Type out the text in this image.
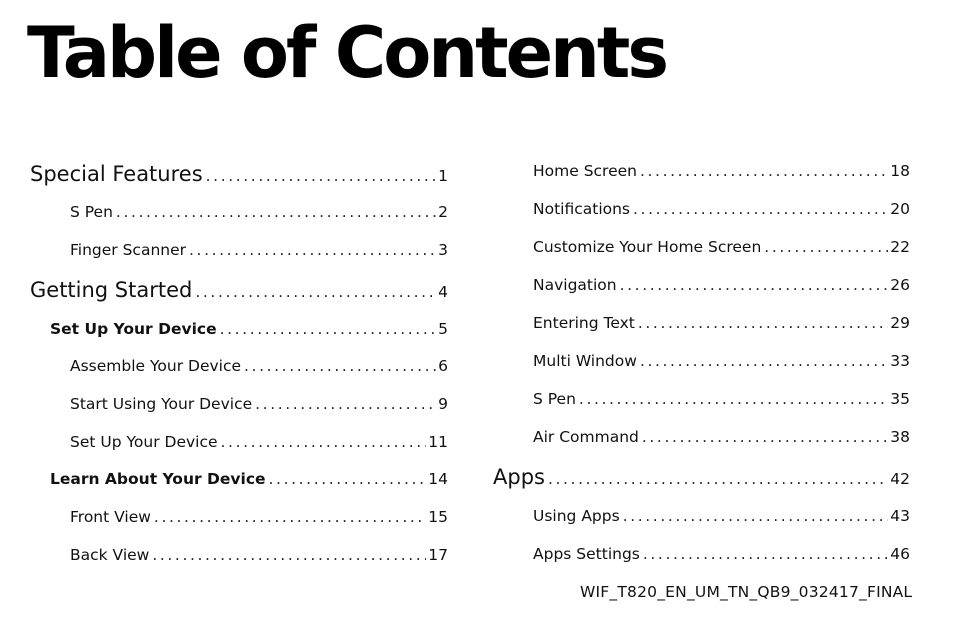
Table of Contents
Special Features .....	1
S Pen .....	2
Finger Scanner .....	3
Getting Started .....	4
Set Up Your Device .....	5
Assemble Your Device .....	6
Start Using Your Device .....	9
Set Up Your Device .....	11
Learn About Your Device .....	14
Front View .....	15
Back View .....	17
Home Screen .....	18
Notifications .....	20
Customize Your Home Screen .....	22
Navigation .....	26
Entering Text .....	29
Multi Window .....	33
S Pen .....	35
Air Command .....	38
Apps .....	42
Using Apps .....	43
Apps Settings .....	46
WIF_T820_EN_UM_TN_QB9_032417_FINAL
